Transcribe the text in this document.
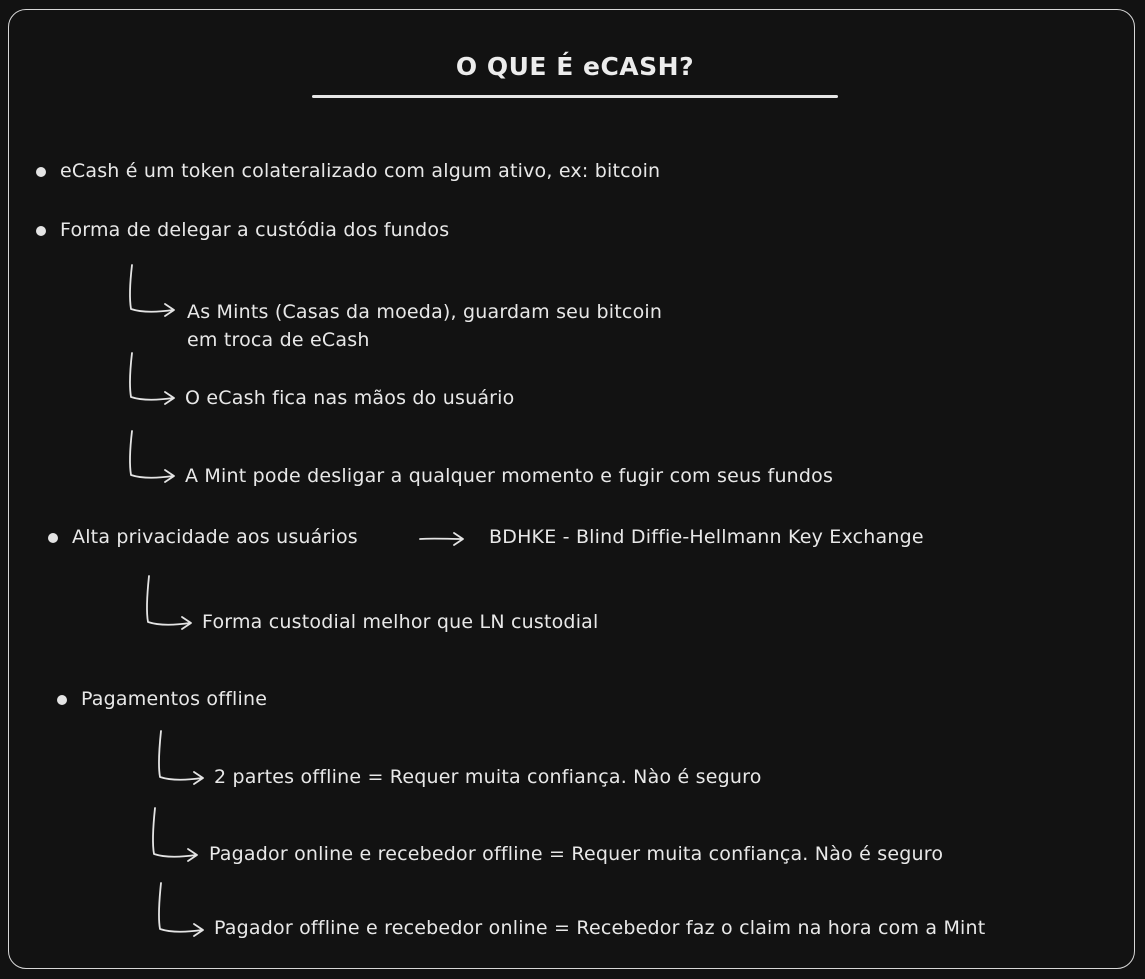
O QUE É eCASH?
eCash é um token colateralizado com algum ativo, ex: bitcoin
Forma de delegar a custódia dos fundos
As Mints (Casas da moeda), guardam seu bitcoin
em troca de eCash
O eCash fica nas mãos do usuário
A Mint pode desligar a qualquer momento e fugir com seus fundos
Alta privacidade aos usuários	BDHKE - Blind Diffie-Hellmann Key Exchange
Forma custodial melhor que LN custodial
Pagamentos offline
2 partes offline = Requer muita confiança. Nào é seguro
Pagador online e recebedor offline = Requer muita confiança. Nào é seguro
Pagador offline e recebedor online = Recebedor faz o claim na hora com a Mint
